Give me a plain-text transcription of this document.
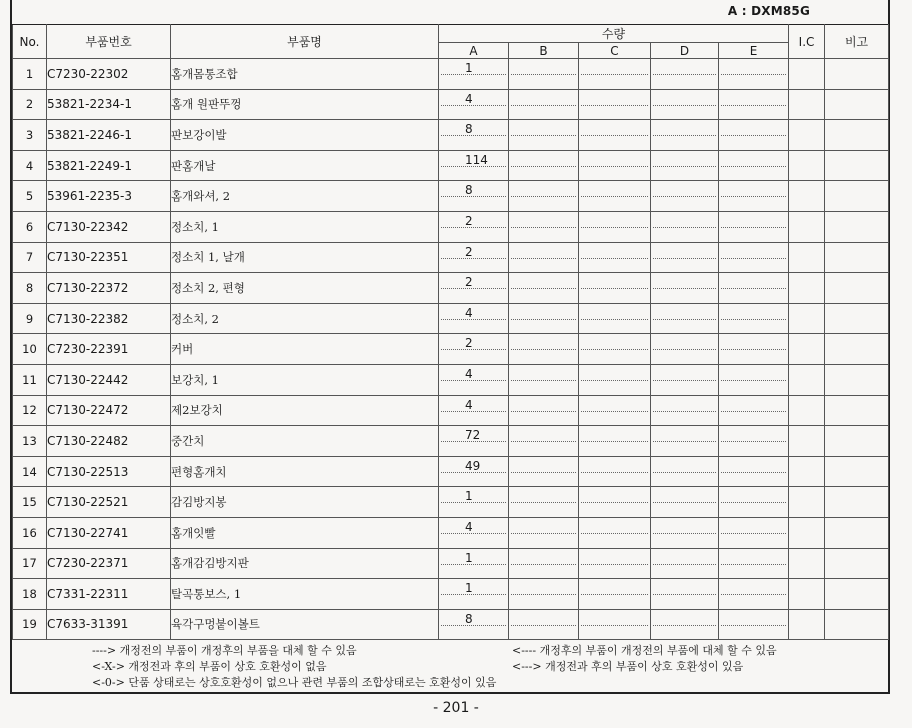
A : DXM85G
No.	부품번호	부품명	수량					I.C	비고
			A	B	C	D	E		
1	C7230-22302	홈개몸통조합	1						

2	53821-2234-1	홈개 원판뚜껑	4						

3	53821-2246-1	판보강이발	8						

4	53821-2249-1	판홈개날	114						

5	53961-2235-3	홈개와셔, 2	8						

6	C7130-22342	정소치, 1	2						

7	C7130-22351	정소치 1, 날개	2						

8	C7130-22372	정소치 2, 편형	2						

9	C7130-22382	정소치, 2	4						

10	C7230-22391	커버	2						

11	C7130-22442	보강치, 1	4						

12	C7130-22472	제2보강치	4						

13	C7130-22482	중간치	72						

14	C7130-22513	편형홈개치	49						

15	C7130-22521	감김방지봉	1						

16	C7130-22741	홈개잇빨	4						

17	C7230-22371	홈개감김방지판	1						

18	C7331-22311	탈곡통보스, 1	1						

19	C7633-31391	육각구멍붙이볼트	8						

----> 개정전의 부품이 개정후의 부품을 대체 할 수 있음	<---- 개정후의 부품이 개정전의 부품에 대체 할 수 있음
<-X-> 개정전과 후의 부품이 상호 호환성이 없음	<---> 개정전과 후의 부품이 상호 호환성이 있음
<-0-> 단품 상태로는 상호호환성이 없으나 관련 부품의 조합상태로는 호환성이 있음
- 201 -
